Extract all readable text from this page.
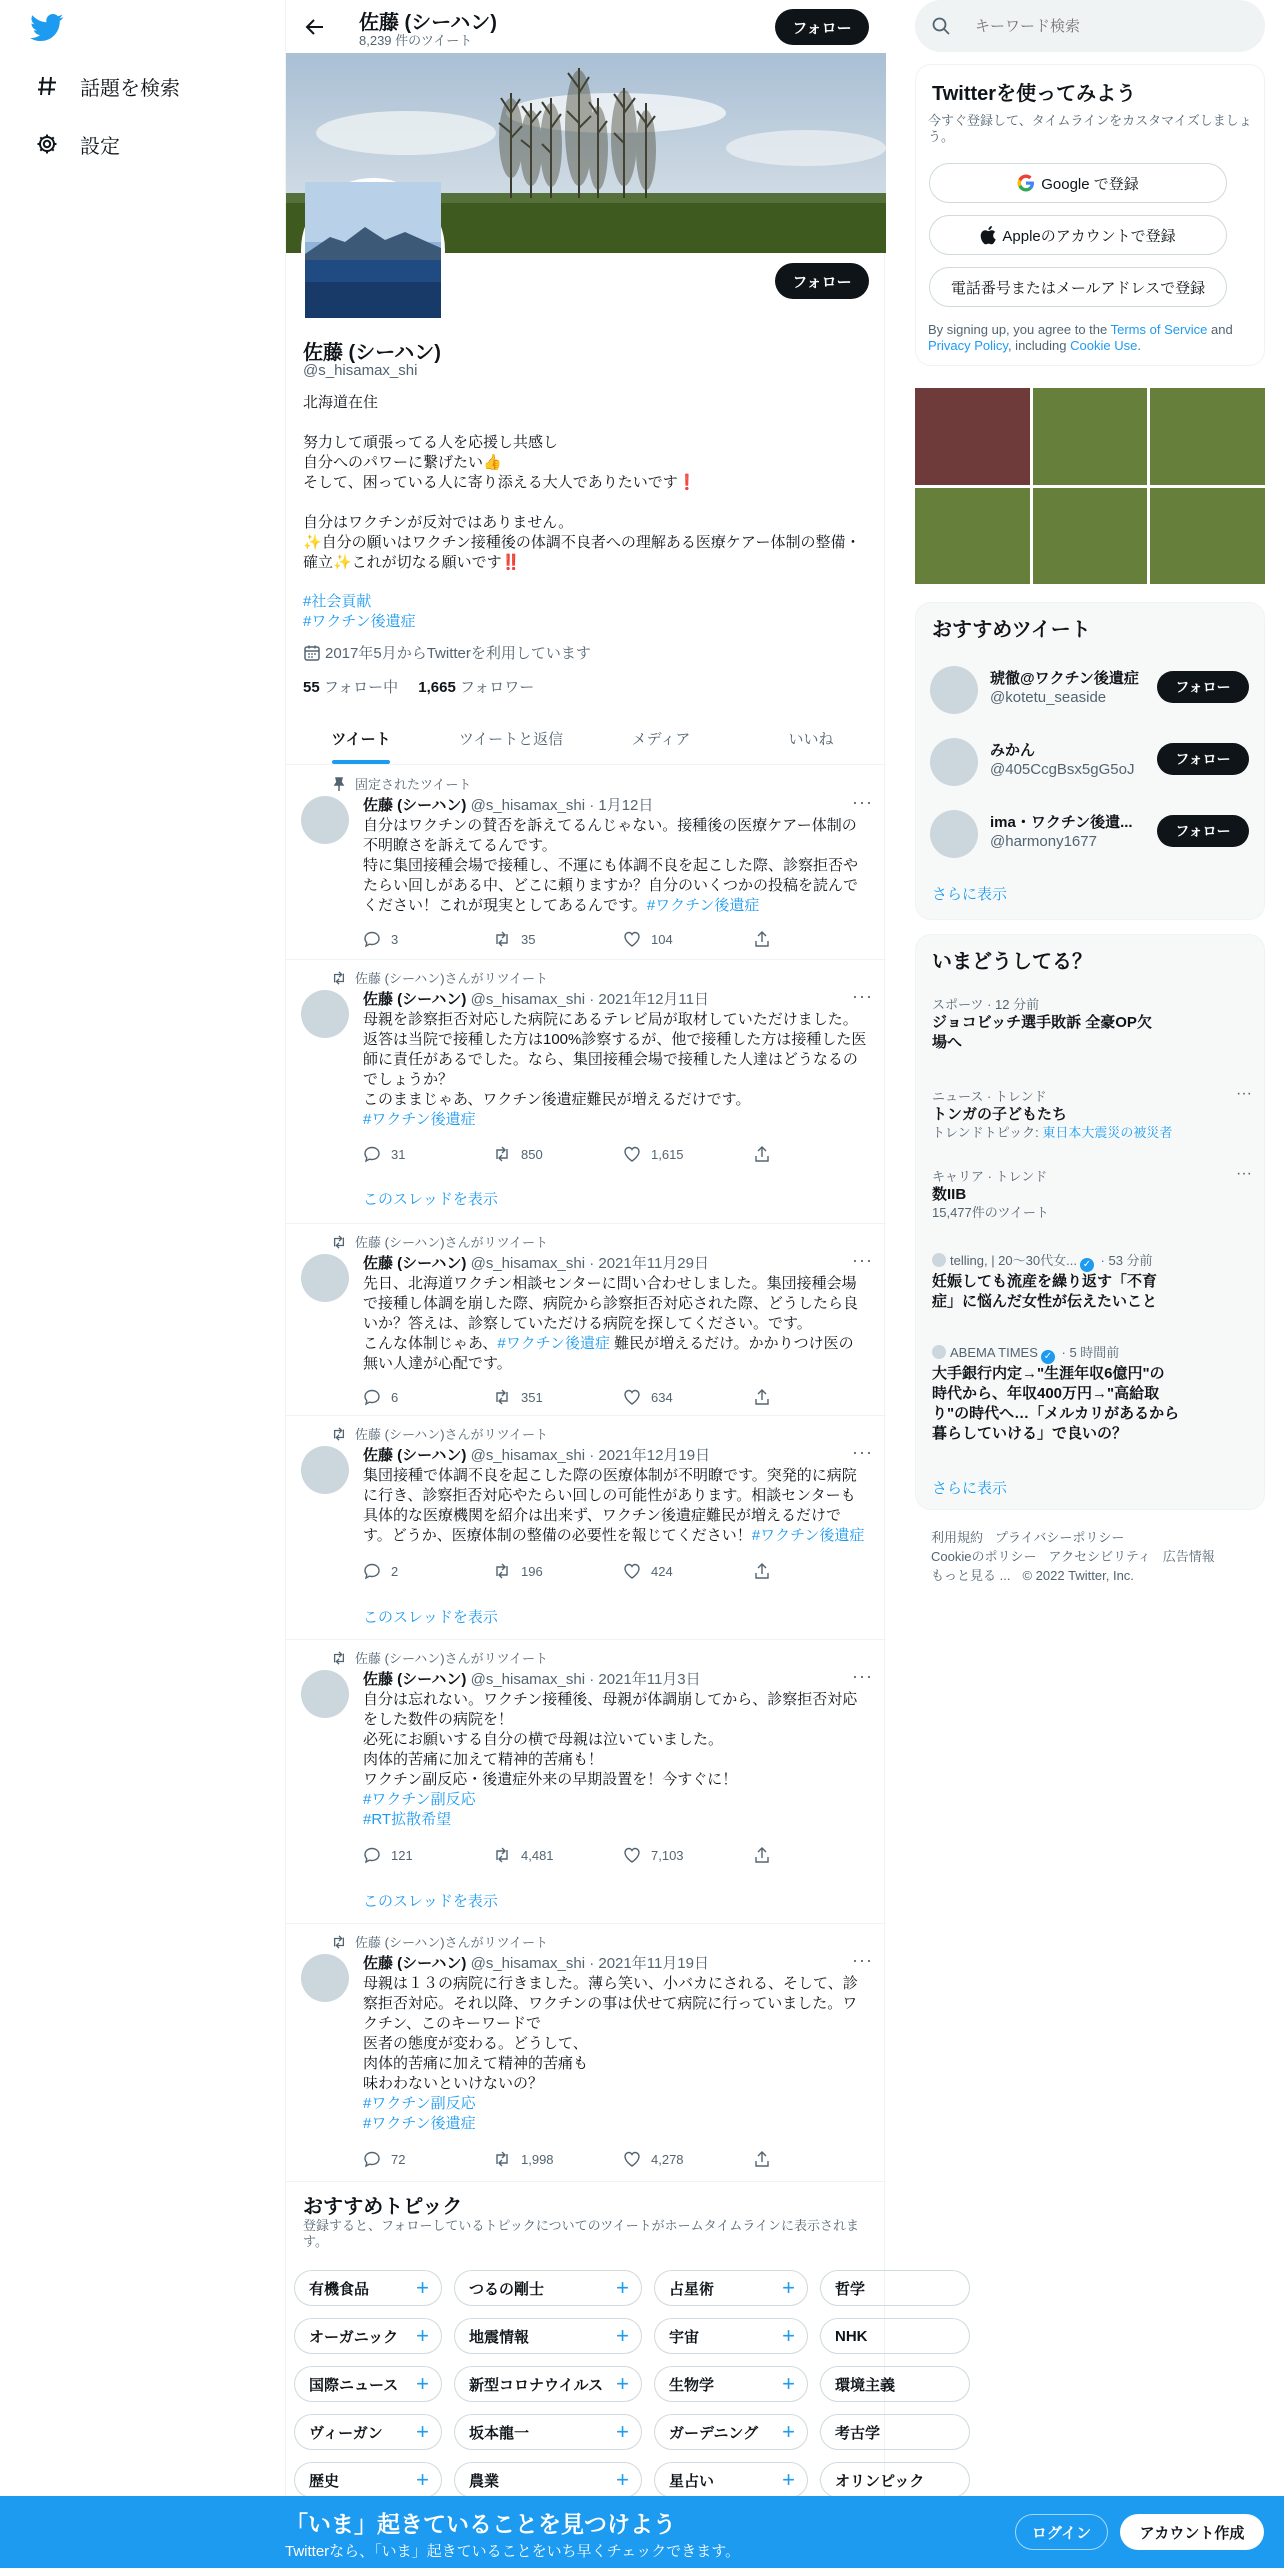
話題を検索
設定
佐藤 (シーハン)
8,239 件のツイート
フォロー
フォロー
佐藤 (シーハン)
@s_hisamax_shi
北海道在住
努力して頑張ってる人を応援し共感し
自分へのパワーに繋げたい👍
そして、困っている人に寄り添える大人でありたいです❗
自分はワクチンが反対ではありません。
✨自分の願いはワクチン接種後の体調不良者への理解ある医療ケアー体制の整備・
確立✨これが切なる願いです‼️
#社会貢献
#ワクチン後遺症
2017年5月からTwitterを利用しています
55 フォロー中 1,665 フォロワー
ツイート	ツイートと返信	メディア	いいね
固定されたツイート
佐藤 (シーハン) @s_hisamax_shi · 1月12日	···
自分はワクチンの賛否を訴えてるんじゃない。接種後の医療ケアー体制の
不明瞭さを訴えてるんです。
特に集団接種会場で接種し、不運にも体調不良を起こした際、診察拒否や
たらい回しがある中、どこに頼りますか？自分のいくつかの投稿を読んで
ください！これが現実としてあるんです。#ワクチン後遺症
3	35	104
佐藤 (シーハン)さんがリツイート
佐藤 (シーハン) @s_hisamax_shi · 2021年12月11日	···
母親を診察拒否対応した病院にあるテレビ局が取材していただけました。
返答は当院で接種した方は100%診察するが、他で接種した方は接種した医
師に責任があるでした。なら、集団接種会場で接種した人達はどうなるの
でしょうか？
このままじゃあ、ワクチン後遺症難民が増えるだけです。
#ワクチン後遺症
31	850	1,615
このスレッドを表示
佐藤 (シーハン)さんがリツイート
佐藤 (シーハン) @s_hisamax_shi · 2021年11月29日	···
先日、北海道ワクチン相談センターに問い合わせしました。集団接種会場
で接種し体調を崩した際、病院から診察拒否対応された際、どうしたら良
いか？答えは、診察していただける病院を探してください。です。
こんな体制じゃあ、#ワクチン後遺症 難民が増えるだけ。かかりつけ医の
無い人達が心配です。
6	351	634
佐藤 (シーハン)さんがリツイート
佐藤 (シーハン) @s_hisamax_shi · 2021年12月19日	···
集団接種で体調不良を起こした際の医療体制が不明瞭です。突発的に病院
に行き、診察拒否対応やたらい回しの可能性があります。相談センターも
具体的な医療機関を紹介は出来ず、ワクチン後遺症難民が増えるだけで
す。どうか、医療体制の整備の必要性を報じてください！#ワクチン後遺症
2	196	424
このスレッドを表示
佐藤 (シーハン)さんがリツイート
佐藤 (シーハン) @s_hisamax_shi · 2021年11月3日	···
自分は忘れない。ワクチン接種後、母親が体調崩してから、診察拒否対応
をした数件の病院を！
必死にお願いする自分の横で母親は泣いていました。
肉体的苦痛に加えて精神的苦痛も！
ワクチン副反応・後遺症外来の早期設置を！今すぐに！
#ワクチン副反応
#RT拡散希望
121	4,481	7,103
このスレッドを表示
佐藤 (シーハン)さんがリツイート
佐藤 (シーハン) @s_hisamax_shi · 2021年11月19日	···
母親は１３の病院に行きました。薄ら笑い、小バカにされる、そして、診
察拒否対応。それ以降、ワクチンの事は伏せて病院に行っていました。ワ
クチン、このキーワードで
医者の態度が変わる。どうして、
肉体的苦痛に加えて精神的苦痛も
味わわないといけないの？
#ワクチン副反応
#ワクチン後遺症
72	1,998	4,278
おすすめトピック
登録すると、フォローしているトピックについてのツイートがホームタイムラインに表示されます。
有機食品 +	つるの剛士	+	占星術	+	哲学
オーガニック +	地震情報	+	宇宙	+	NHK
国際ニュース +	新型コロナウイルス +	生物学	+	環境主義
ヴィーガン +	坂本龍一	+	ガーデニング +	考古学
歴史	+	農業	+	星占い	+	オリンピック
キーワード検索
Twitterを使ってみよう
今すぐ登録して、タイムラインをカスタマイズしましょう。
Google で登録
Appleのアカウントで登録
電話番号またはメールアドレスで登録
By signing up, you agree to the Terms of Service and Privacy Policy, including Cookie Use.
おすすめツイート
琥徹@ワクチン後遺症
@kotetu_seaside
フォロー
みかん
@405CcgBsx5gG5oJ
フォロー
ima・ワクチン後遺...
@harmony1677
フォロー
さらに表示
いまどうしてる？
スポーツ · 12 分前
ジョコビッチ選手敗訴 全豪OP欠
場へ
ニュース · トレンド	···
トンガの子どもたち
トレンドトピック: 東日本大震災の被災者
キャリア · トレンド	···
数IIB
15,477件のツイート
telling, | 20～30代女... ✓ · 53 分前
妊娠しても流産を繰り返す「不育
症」に悩んだ女性が伝えたいこと
ABEMA TIMES ✓ · 5 時間前
大手銀行内定→"生涯年収6億円"の
時代から、年収400万円→"高給取
り"の時代へ…「メルカリがあるから
暮らしていける」で良いの？
さらに表示
利用規約 プライバシーポリシー
Cookieのポリシー アクセシビリティ 広告情報
もっと見る ... © 2022 Twitter, Inc.
「いま」起きていることを見つけよう
Twitterなら、「いま」起きていることをいち早くチェックできます。
ログイン	アカウント作成
